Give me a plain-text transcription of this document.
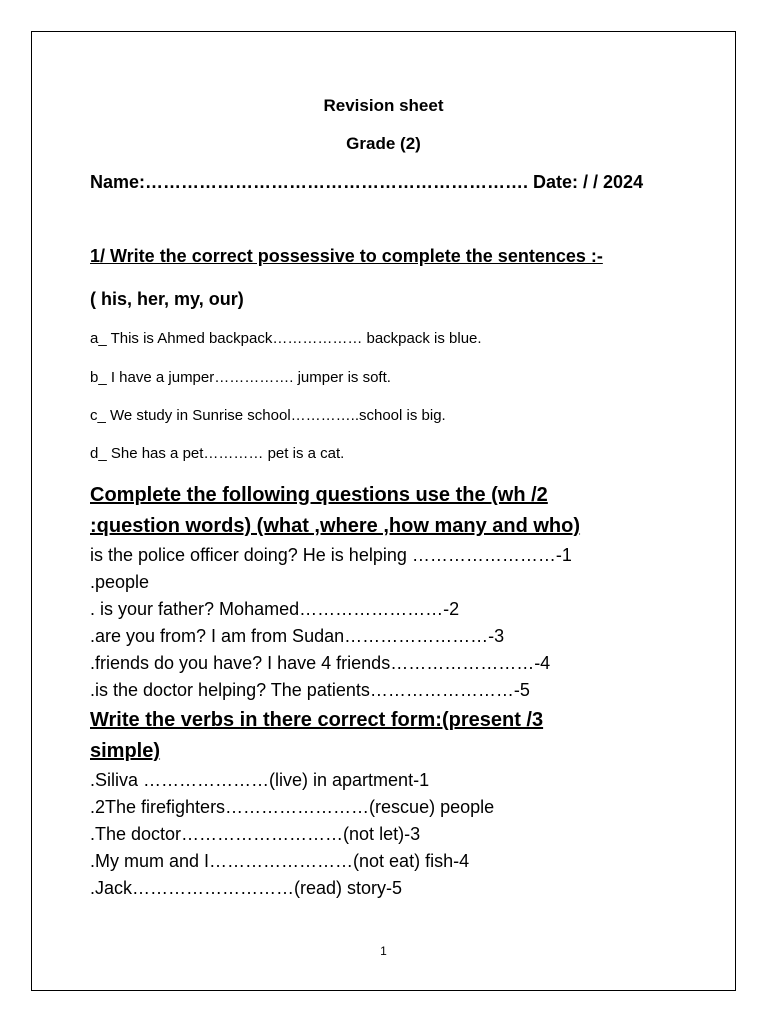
Revision sheet
Grade (2)
Name:………………………………………………………. Date: / / 2024
1/ Write the correct possessive to complete the sentences :-
( his, her, my, our)
a_ This is Ahmed backpack……………… backpack is blue.
b_ I have a jumper……………. jumper is soft.
c_ We study in Sunrise school…………..school is big.
d_ She has a pet………… pet is a cat.
Complete the following questions use the (wh /2
:question words) (what ,where ,how many and who)
is the police officer doing? He is helping ……………………-1
.people
. is your father? Mohamed……………………-2
.are you from? I am from Sudan……………………-3
.friends do you have? I have 4 friends……………………-4
.is the doctor helping? The patients……………………-5
Write the verbs in there correct form:(present /3
simple)
.Siliva …………………(live) in apartment-1
.2The firefighters……………………(rescue) people
.The doctor………………………(not let)-3
.My mum and I……………………(not eat) fish-4
.Jack………………………(read) story-5
1
